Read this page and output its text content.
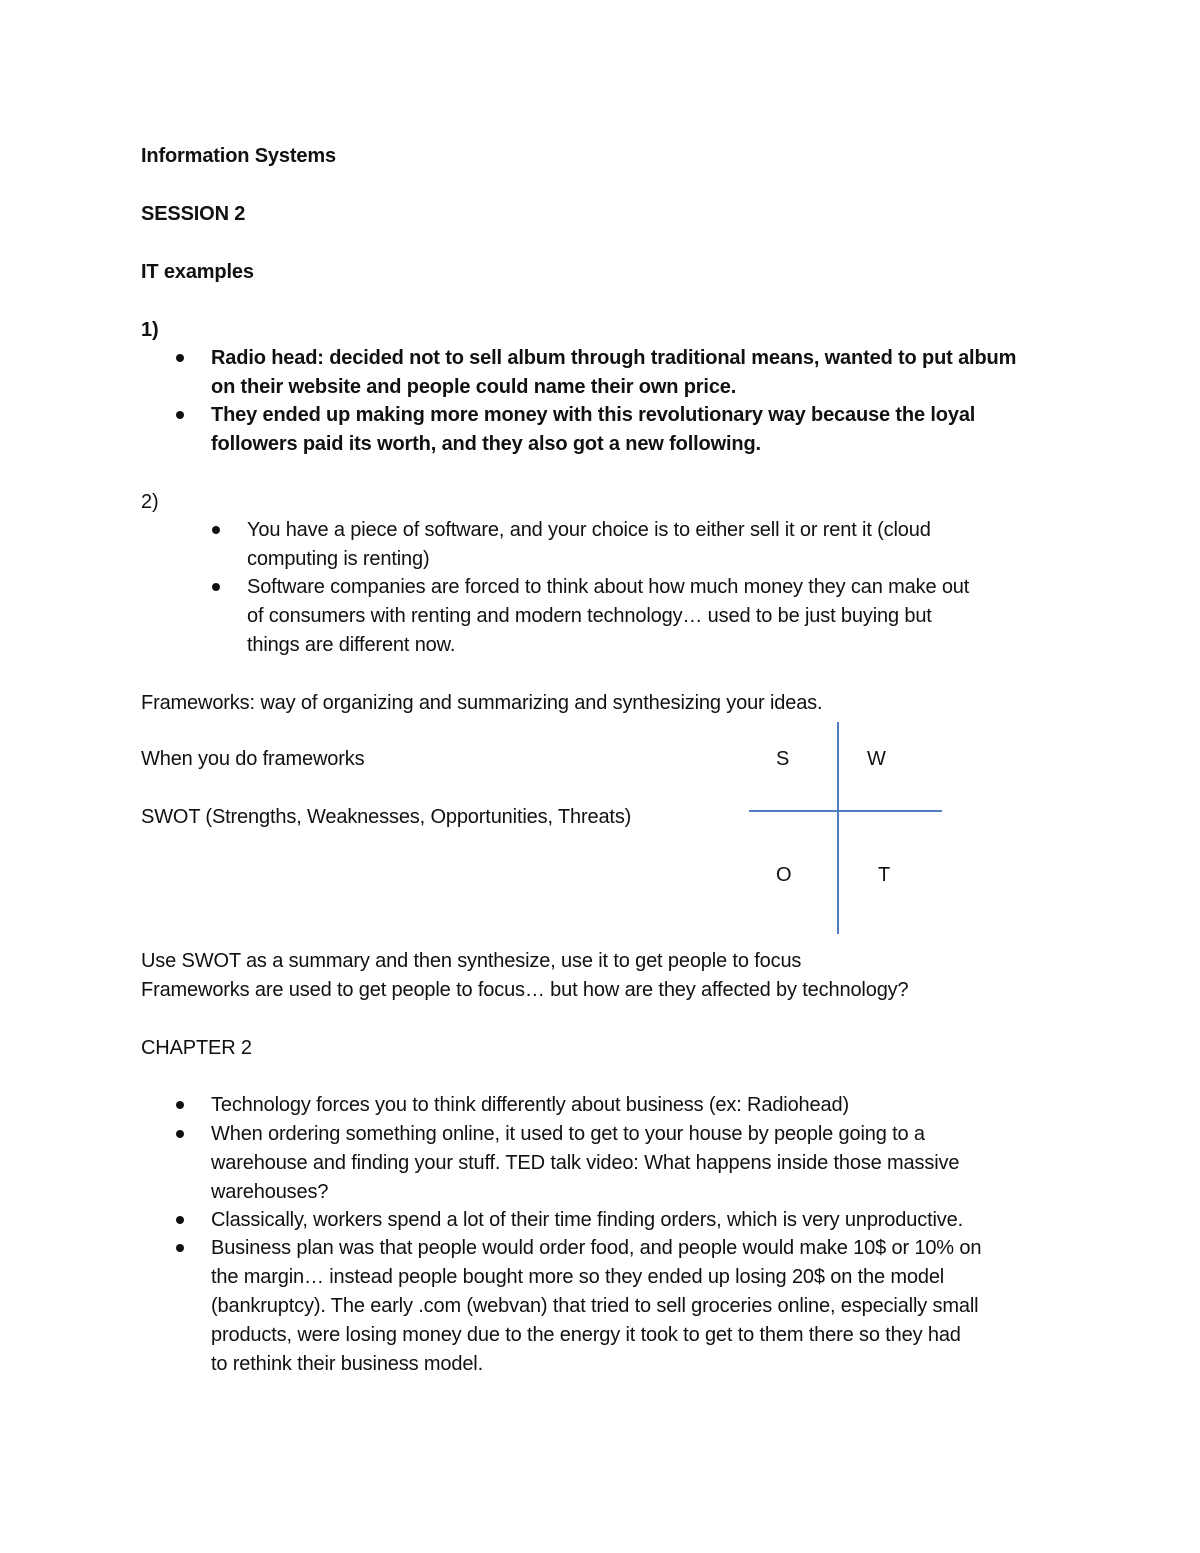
Information Systems
SESSION 2
IT examples
1)
Radio head: decided not to sell album through traditional means, wanted to put album
on their website and people could name their own price.
They ended up making more money with this revolutionary way because the loyal
followers paid its worth, and they also got a new following.
2)
You have a piece of software, and your choice is to either sell it or rent it (cloud
computing is renting)
Software companies are forced to think about how much money they can make out
of consumers with renting and modern technology… used to be just buying but
things are different now.
Frameworks: way of organizing and summarizing and synthesizing your ideas.
When you do frameworks
SWOT (Strengths, Weaknesses, Opportunities, Threats)
S	W
O	T
Use SWOT as a summary and then synthesize, use it to get people to focus
Frameworks are used to get people to focus… but how are they affected by technology?
CHAPTER 2
Technology forces you to think differently about business (ex: Radiohead)
When ordering something online, it used to get to your house by people going to a
warehouse and finding your stuff. TED talk video: What happens inside those massive
warehouses?
Classically, workers spend a lot of their time finding orders, which is very unproductive.
Business plan was that people would order food, and people would make 10$ or 10% on
the margin… instead people bought more so they ended up losing 20$ on the model
(bankruptcy). The early .com (webvan) that tried to sell groceries online, especially small
products, were losing money due to the energy it took to get to them there so they had
to rethink their business model.
